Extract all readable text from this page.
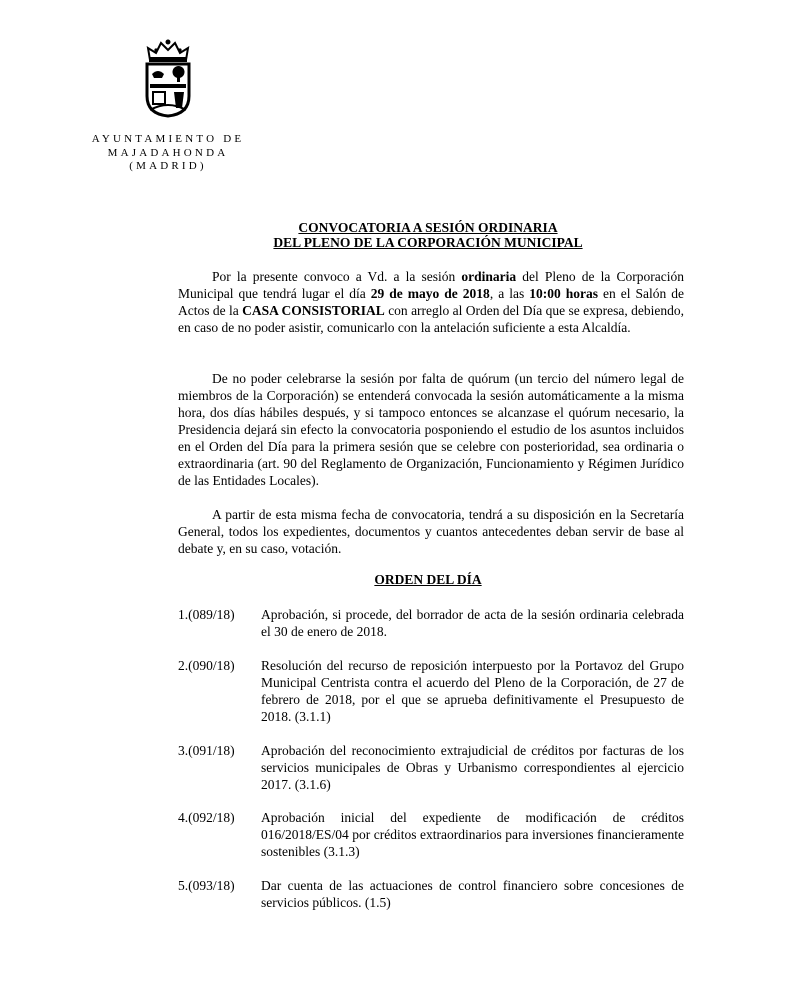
AYUNTAMIENTO DE
MAJADAHONDA
(MADRID)
CONVOCATORIA A SESIÓN ORDINARIA
DEL PLENO DE LA CORPORACIÓN MUNICIPAL
Por la presente convoco a Vd. a la sesión ordinaria del Pleno de la Corporación Municipal que tendrá lugar el día 29 de mayo de 2018, a las 10:00 horas en el Salón de Actos de la CASA CONSISTORIAL con arreglo al Orden del Día que se expresa, debiendo, en caso de no poder asistir, comunicarlo con la antelación suficiente a esta Alcaldía.
De no poder celebrarse la sesión por falta de quórum (un tercio del número legal de miembros de la Corporación) se entenderá convocada la sesión automáticamente a la misma hora, dos días hábiles después, y si tampoco entonces se alcanzase el quórum necesario, la Presidencia dejará sin efecto la convocatoria posponiendo el estudio de los asuntos incluidos en el Orden del Día para la primera sesión que se celebre con posterioridad, sea ordinaria o extraordinaria (art. 90 del Reglamento de Organización, Funcionamiento y Régimen Jurídico de las Entidades Locales).
A partir de esta misma fecha de convocatoria, tendrá a su disposición en la Secretaría General, todos los expedientes, documentos y cuantos antecedentes deban servir de base al debate y, en su caso, votación.
ORDEN DEL DÍA
1.(089/18) Aprobación, si procede, del borrador de acta de la sesión ordinaria celebrada el 30 de enero de 2018.
2.(090/18) Resolución del recurso de reposición interpuesto por la Portavoz del Grupo Municipal Centrista contra el acuerdo del Pleno de la Corporación, de 27 de febrero de 2018, por el que se aprueba definitivamente el Presupuesto de 2018. (3.1.1)
3.(091/18) Aprobación del reconocimiento extrajudicial de créditos por facturas de los servicios municipales de Obras y Urbanismo correspondientes al ejercicio 2017. (3.1.6)
4.(092/18) Aprobación inicial del expediente de modificación de créditos 016/2018/ES/04 por créditos extraordinarios para inversiones financieramente sostenibles (3.1.3)
5.(093/18) Dar cuenta de las actuaciones de control financiero sobre concesiones de servicios públicos. (1.5)
